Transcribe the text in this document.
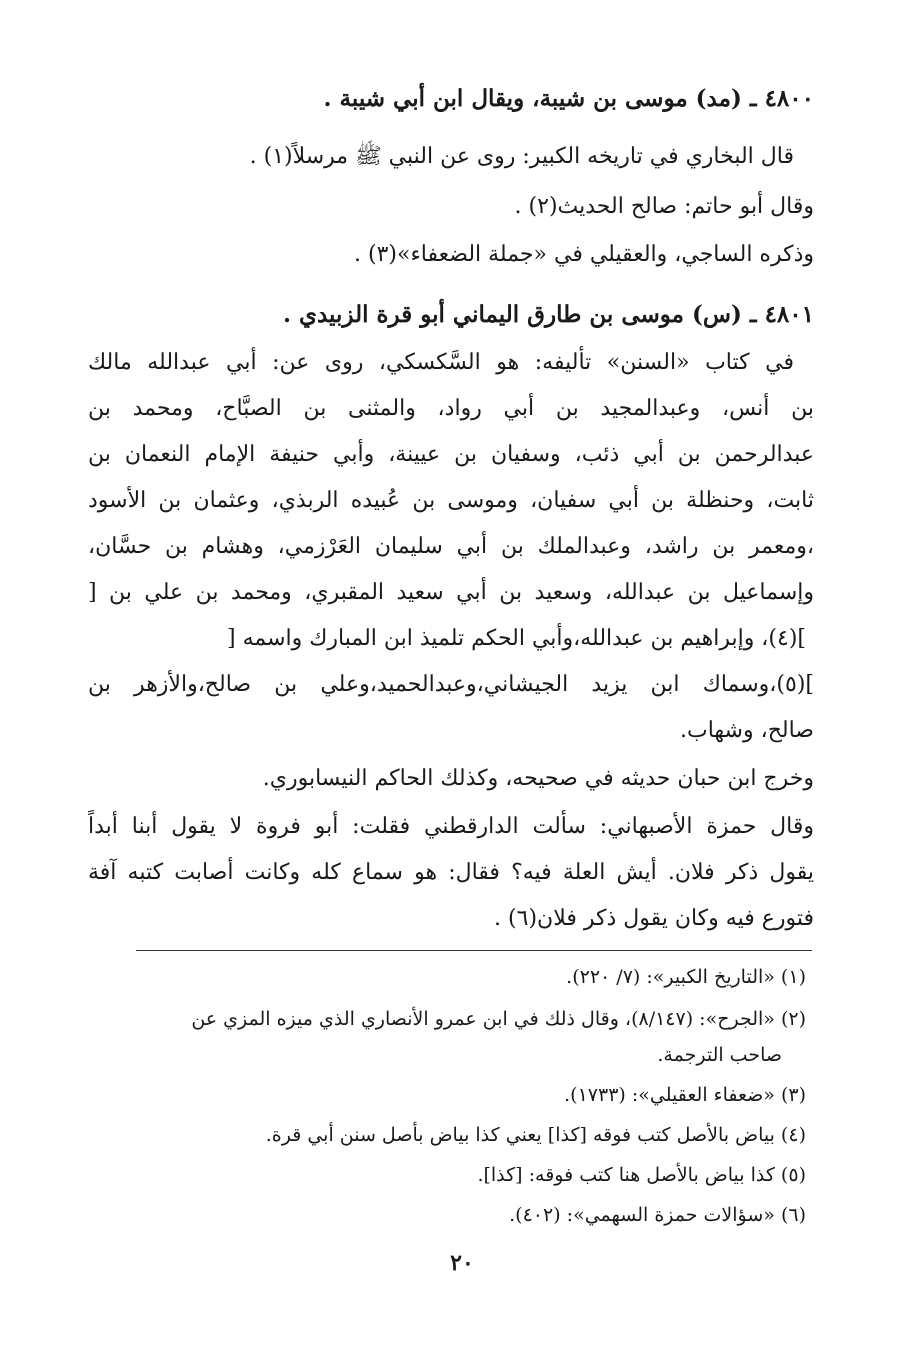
٤٨٠٠ ـ (مد) موسى بن شيبة، ويقال ابن أبي شيبة .
قال البخاري في تاريخه الكبير: روى عن النبي ﷺ مرسلاً(١) .
وقال أبو حاتم: صالح الحديث(٢) .
وذكره الساجي، والعقيلي في «جملة الضعفاء»(٣) .
٤٨٠١ ـ (س) موسى بن طارق اليماني أبو قرة الزبيدي .
في كتاب «السنن» تأليفه: هو السَّكسكي، روى عن: أبي عبدالله مالك
بن أنس، وعبدالمجيد بن أبي رواد، والمثنى بن الصبَّاح، ومحمد بن
عبدالرحمن بن أبي ذئب، وسفيان بن عيينة، وأبي حنيفة الإمام النعمان بن
ثابت، وحنظلة بن أبي سفيان، وموسى بن عُبيده الربذي، وعثمان بن الأسود
،ومعمر بن راشد، وعبدالملك بن أبي سليمان العَرْزمي، وهشام بن حسَّان،
وإسماعيل بن عبدالله، وسعيد بن أبي سعيد المقبري، ومحمد بن علي بن [
](٤)، وإبراهيم بن عبدالله،وأبي الحكم تلميذ ابن المبارك واسمه [
](٥)،وسماك ابن يزيد الجيشاني،وعبدالحميد،وعلي بن صالح،والأزهر بن
صالح، وشهاب.
وخرج ابن حبان حديثه في صحيحه، وكذلك الحاكم النيسابوري.
وقال حمزة الأصبهاني: سألت الدارقطني فقلت: أبو فروة لا يقول أبنا أبداً
يقول ذكر فلان. أيش العلة فيه؟ فقال: هو سماع كله وكانت أصابت كتبه آفة
فتورع فيه وكان يقول ذكر فلان(٦) .
(١) «التاريخ الكبير»: (٧/ ٢٢٠).
(٢) «الجرح»: (٨/١٤٧)، وقال ذلك في ابن عمرو الأنصاري الذي ميزه المزي عن
صاحب الترجمة.
(٣) «ضعفاء العقيلي»: (١٧٣٣).
(٤) بياض بالأصل كتب فوقه [كذا] يعني كذا بياض بأصل سنن أبي قرة.
(٥) كذا بياض بالأصل هنا كتب فوقه: [كذا].
(٦) «سؤالات حمزة السهمي»: (٤٠٢).
٢٠
